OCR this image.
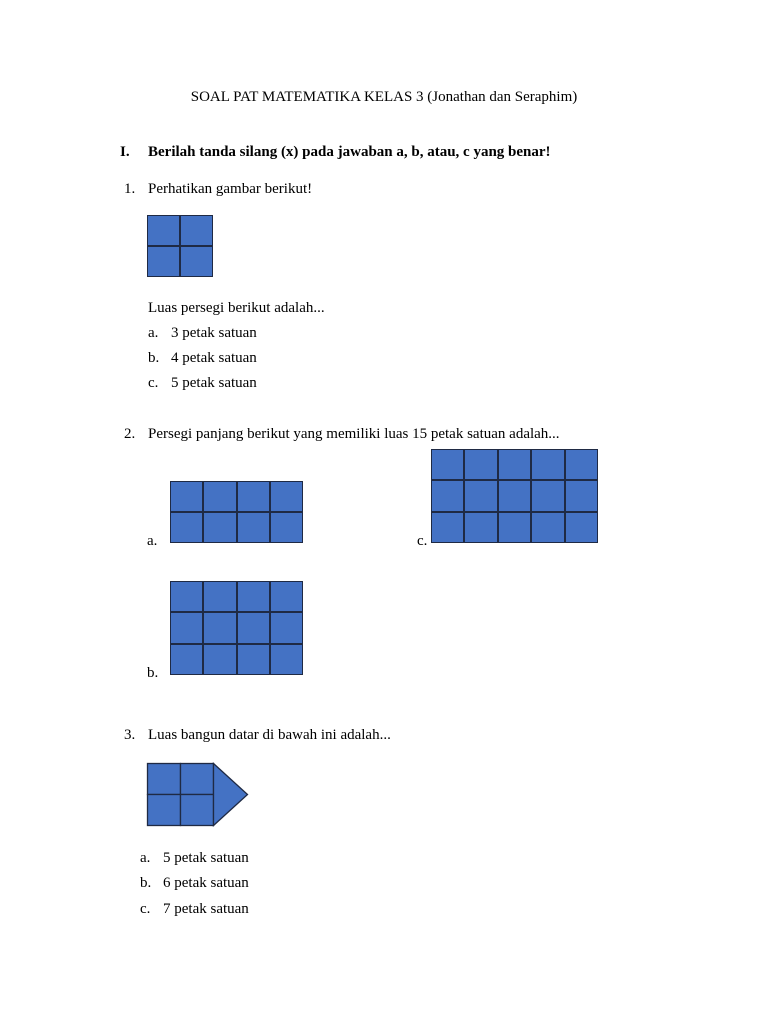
SOAL PAT MATEMATIKA KELAS 3 (Jonathan dan Seraphim)
I. Berilah tanda silang (x) pada jawaban a, b, atau, c yang benar!
1. Perhatikan gambar berikut!
Luas persegi berikut adalah...
a. 3 petak satuan
b. 4 petak satuan
c. 5 petak satuan
2. Persegi panjang berikut yang memiliki luas 15 petak satuan adalah...
a.
b.
c.
3. Luas bangun datar di bawah ini adalah...
a. 5 petak satuan
b. 6 petak satuan
c. 7 petak satuan
